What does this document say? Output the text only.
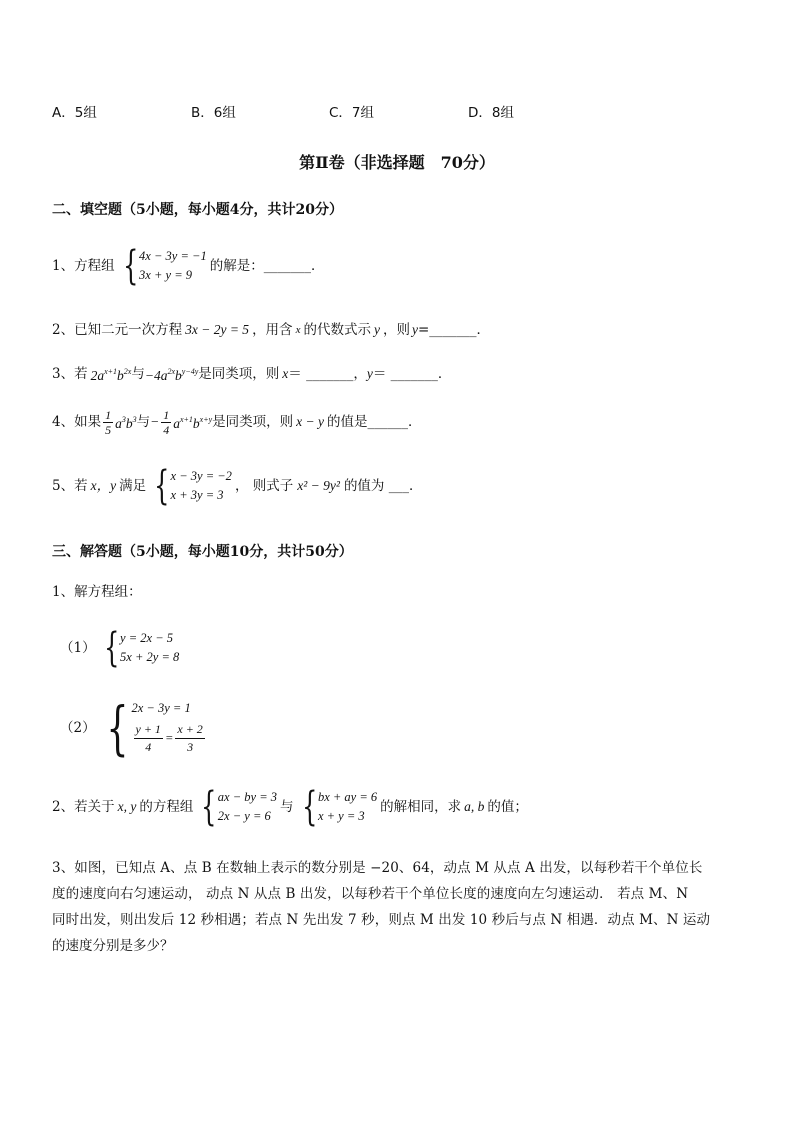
A．5组	B．6组	C．7组	D．8组
第Ⅱ卷（非选择题　70分）
二、填空题（5小题，每小题4分，共计20分）
1、方程组 { 4x − 3y = −1
3x + y = 9
的解是：_______．
2、已知二元一次方程 3x − 2y = 5 ，用含 x 的代数式示 y ，则 y =_______．
3、若 $2a^{x+1}b^{2x}$ 与 $-4a^{2x}b^{y-4y}$ 是同类项，则 x ＝ _______， y ＝ _______．
4、如果 $\frac{1}{5} a^3b^3$ 与 − $\frac{1}{4} a^{x+1}b^{x+y}$ 是同类项，则 x − y 的值是______．
5、若 x，y 满足 { x − 3y = −2
x + 3y = 3
， 则式子 x² − 9y² 的值为 ___．
三、解答题（5小题，每小题10分，共计50分）
1、解方程组：
（1） { y = 2x − 5
5x + 2y = 8
（2） { 2x − 3y = 1
$\frac{y + 1}{4} = \frac{x + 2}{3}$
2、若关于 x, y 的方程组 { ax − by = 3
2x − y = 6
与 { bx + ay = 6
x + y = 3
的解相同，求 a, b 的值；
3、如图，已知点 A、点 B 在数轴上表示的数分别是 −20、64，动点 M 从点 A 出发，以每秒若干个单位长
度的速度向右匀速运动， 动点 N 从点 B 出发，以每秒若干个单位长度的速度向左匀速运动． 若点 M、N
同时出发，则出发后 12 秒相遇；若点 N 先出发 7 秒，则点 M 出发 10 秒后与点 N 相遇．动点 M、N 运动
的速度分别是多少？
